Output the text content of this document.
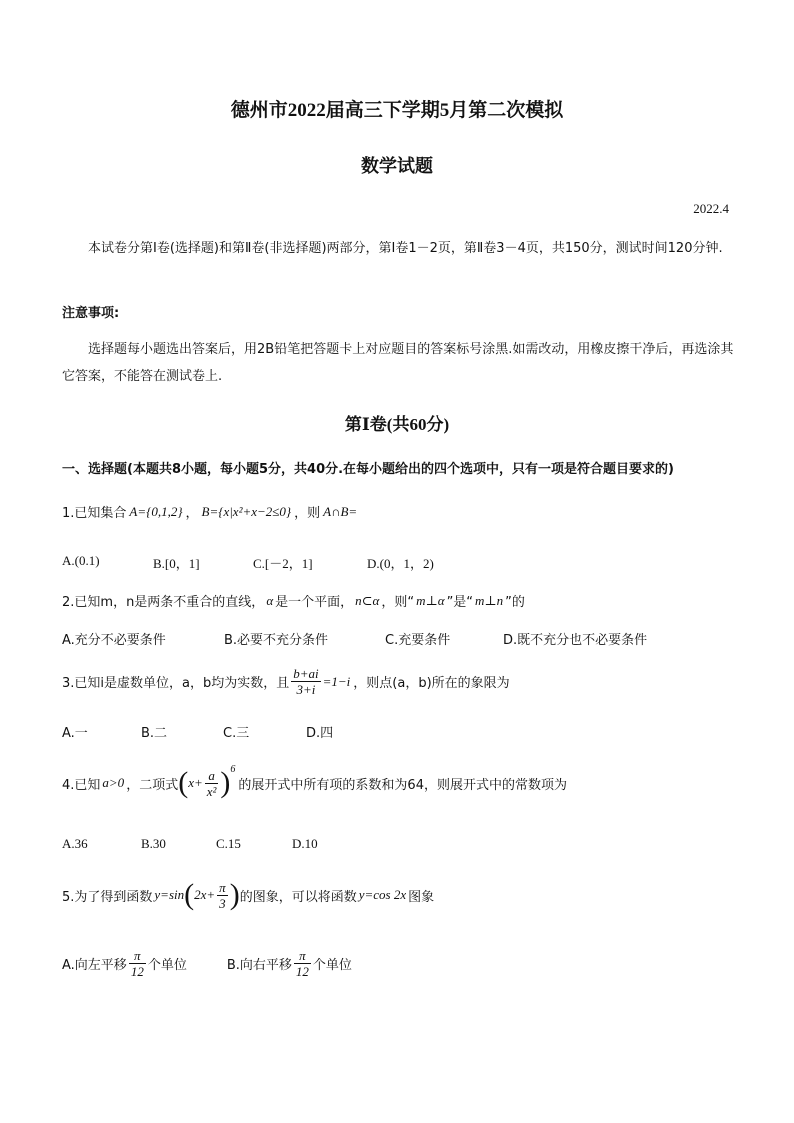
德州市2022届高三下学期5月第二次模拟
数学试题
2022.4
本试卷分第Ⅰ卷(选择题)和第Ⅱ卷(非选择题)两部分，第Ⅰ卷1－2页，第Ⅱ卷3－4页，共150分，测试时间120分钟.
注意事项:
选择题每小题选出答案后，用2B铅笔把答题卡上对应题目的答案标号涂黑.如需改动，用橡皮擦干净后，再选涂其它答案，不能答在测试卷上.
第Ⅰ卷(共60分)
一、选择题(本题共8小题，每小题5分，共40分.在每小题给出的四个选项中，只有一项是符合题目要求的)
1.已知集合 A={0,1,2} ， B={x|x²+x−2≤0} ，则 A∩B=
A.(0.1)	B.[0，1]	C.[－2，1]	D.(0，1，2)
2.已知m，n是两条不重合的直线， α 是一个平面， n⊂α ，则“ m⊥α ”是“ m⊥n ”的
A.充分不必要条件	B.必要不充分条件	C.充要条件	D.既不充分也不必要条件
3.已知i是虚数单位，a，b均为实数，且 $\frac{b+ai}{3+i} =1-i$ ，则点(a，b)所在的象限为
A.一	B.二	C.三	D.四
4.已知 a>0 ，二项式 ( $x+ \frac{a}{\text{x²}}$ ) 6
的展开式中所有项的系数和为64，则展开式中的常数项为
A.36	B.30	C.15	D.10
5.为了得到函数 y=sin ( $2x+ \frac{\pi}{3}$ ) 的图象，可以将函数 y=cos 2x 图象
A.向左平移 $\frac{\pi}{12}$ 个单位	B.向右平移 $\frac{\pi}{12}$ 个单位
